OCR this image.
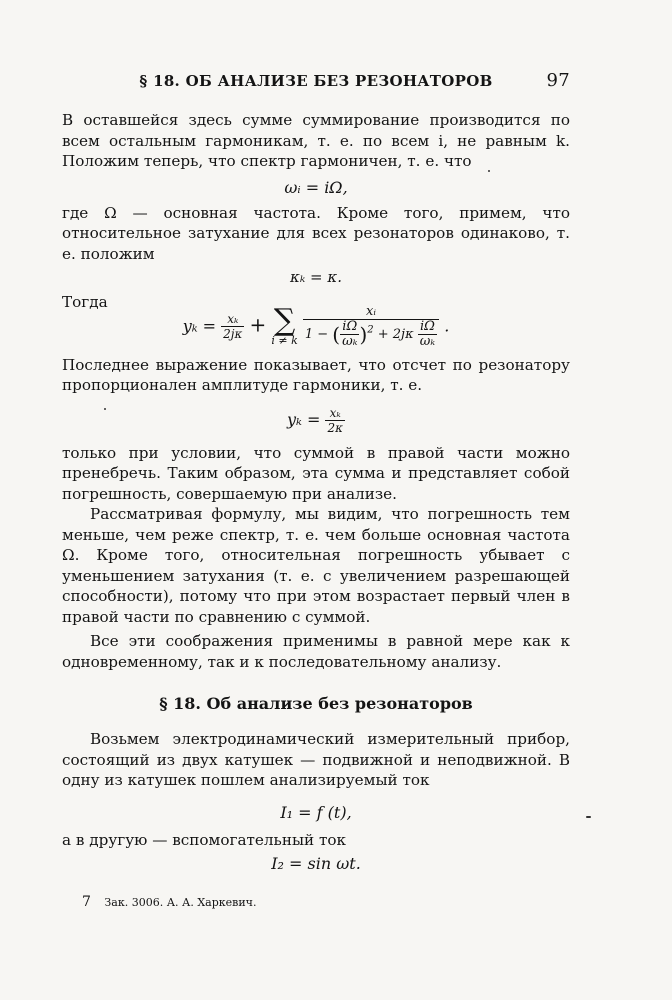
§ 18. ОБ АНАЛИЗЕ БЕЗ РЕЗОНАТОРОВ	97

В оставшейся здесь сумме суммирование производится по всем остальным гармоникам, т. е. по всем i, не равным k. Положим теперь, что спектр гармоничен, т. е. что

ωᵢ = iΩ,

где Ω — основная частота. Кроме того, примем, что относительное затухание для всех резонаторов одинаково, т. е. положим

κₖ = κ.

Тогда

$y_k = \frac{\text{xₖ}}{2j\kappa}$ + ∑
i ≠ k
$\frac{\text{xᵢ}}{1 - ( \frac{i\Omega}{\text{ωₖ}} )^2 + 2j\kappa \frac{i\Omega}{\text{ωₖ}}}$ .

Последнее выражение показывает, что отсчет по резонатору пропорционален амплитуде гармоники, т. е.

$y_k = \frac{\text{xₖ}}{2\kappa}$

только при условии, что суммой в правой части можно пренебречь. Таким образом, эта сумма и представляет собой погрешность, совершаемую при анализе.

Рассматривая формулу, мы видим, что погрешность тем меньше, чем реже спектр, т. е. чем больше основная частота Ω. Кроме того, относительная погрешность убывает с уменьшением затухания (т. е. с увеличением разрешающей способности), потому что при этом возрастает первый член в правой части по сравнению с суммой.

Все эти соображения применимы в равной мере как к одновременному, так и к последовательному анализу.

§ 18. Об анализе без резонаторов

Возьмем электродинамический измерительный прибор, состоящий из двух катушек — подвижной и неподвижной. В одну из катушек пошлем анализируемый ток

I₁ = f (t),

а в другую — вспомогательный ток

I₂ = sin ωt.
7 Зак. 3006. А. А. Харкевич.
